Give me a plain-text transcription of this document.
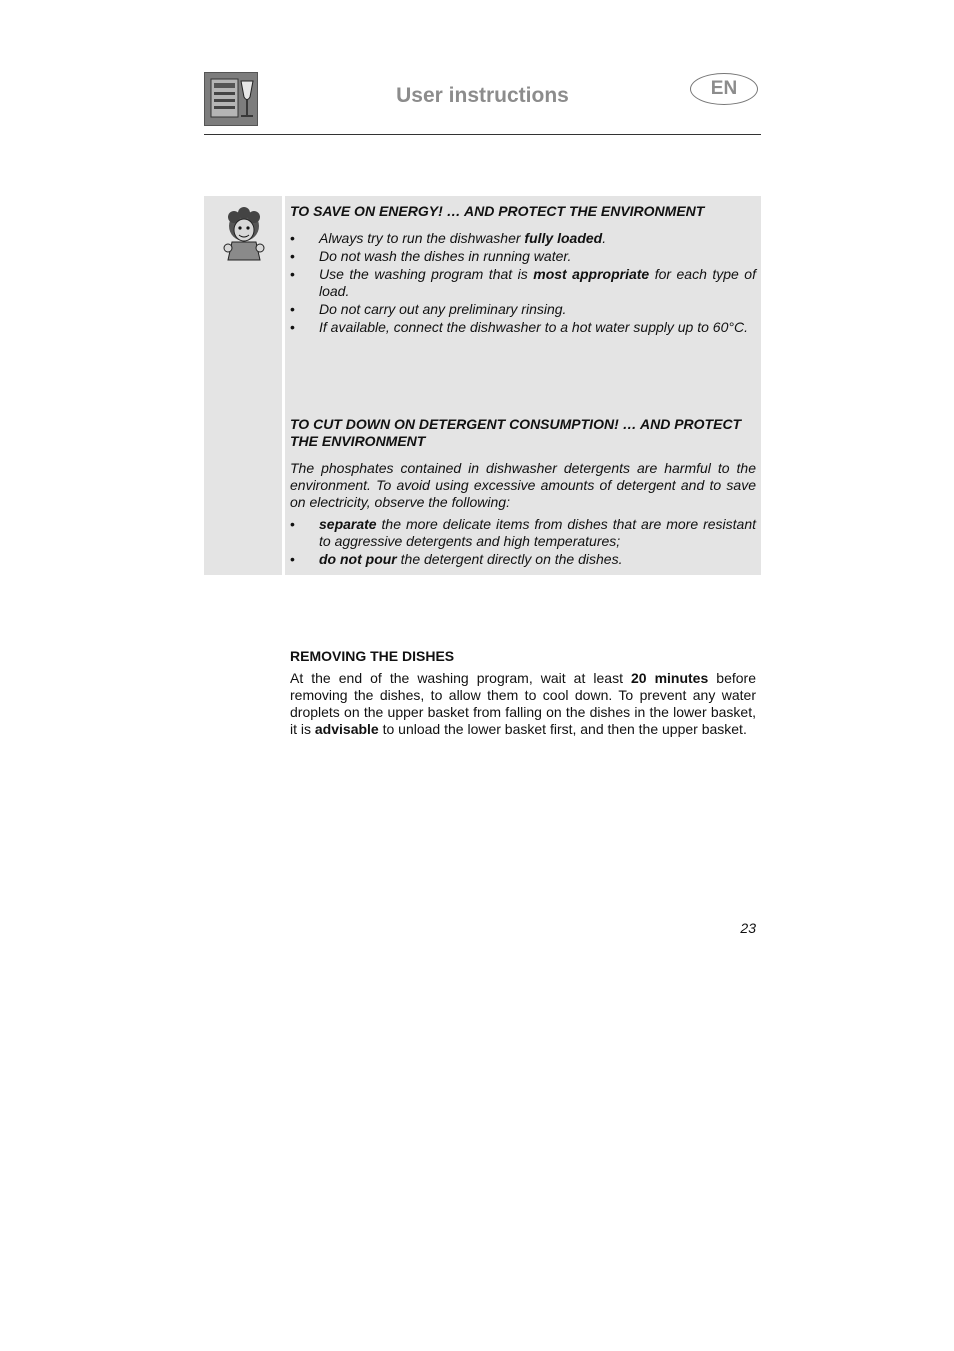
User instructions	EN
TO SAVE ON ENERGY! … AND PROTECT THE ENVIRONMENT
• Always try to run the dishwasher fully loaded.
• Do not wash the dishes in running water.
• Use the washing program that is most appropriate for each type of load.
• Do not carry out any preliminary rinsing.
• If available, connect the dishwasher to a hot water supply up to 60°C.
TO CUT DOWN ON DETERGENT CONSUMPTION! … AND PROTECT THE ENVIRONMENT
The phosphates contained in dishwasher detergents are harmful to the environment. To avoid using excessive amounts of detergent and to save on electricity, observe the following:
• separate the more delicate items from dishes that are more resistant to aggressive detergents and high temperatures;
• do not pour the detergent directly on the dishes.
REMOVING THE DISHES
At the end of the washing program, wait at least 20 minutes before removing the dishes, to allow them to cool down. To prevent any water droplets on the upper basket from falling on the dishes in the lower basket, it is advisable to unload the lower basket first, and then the upper basket.
23
